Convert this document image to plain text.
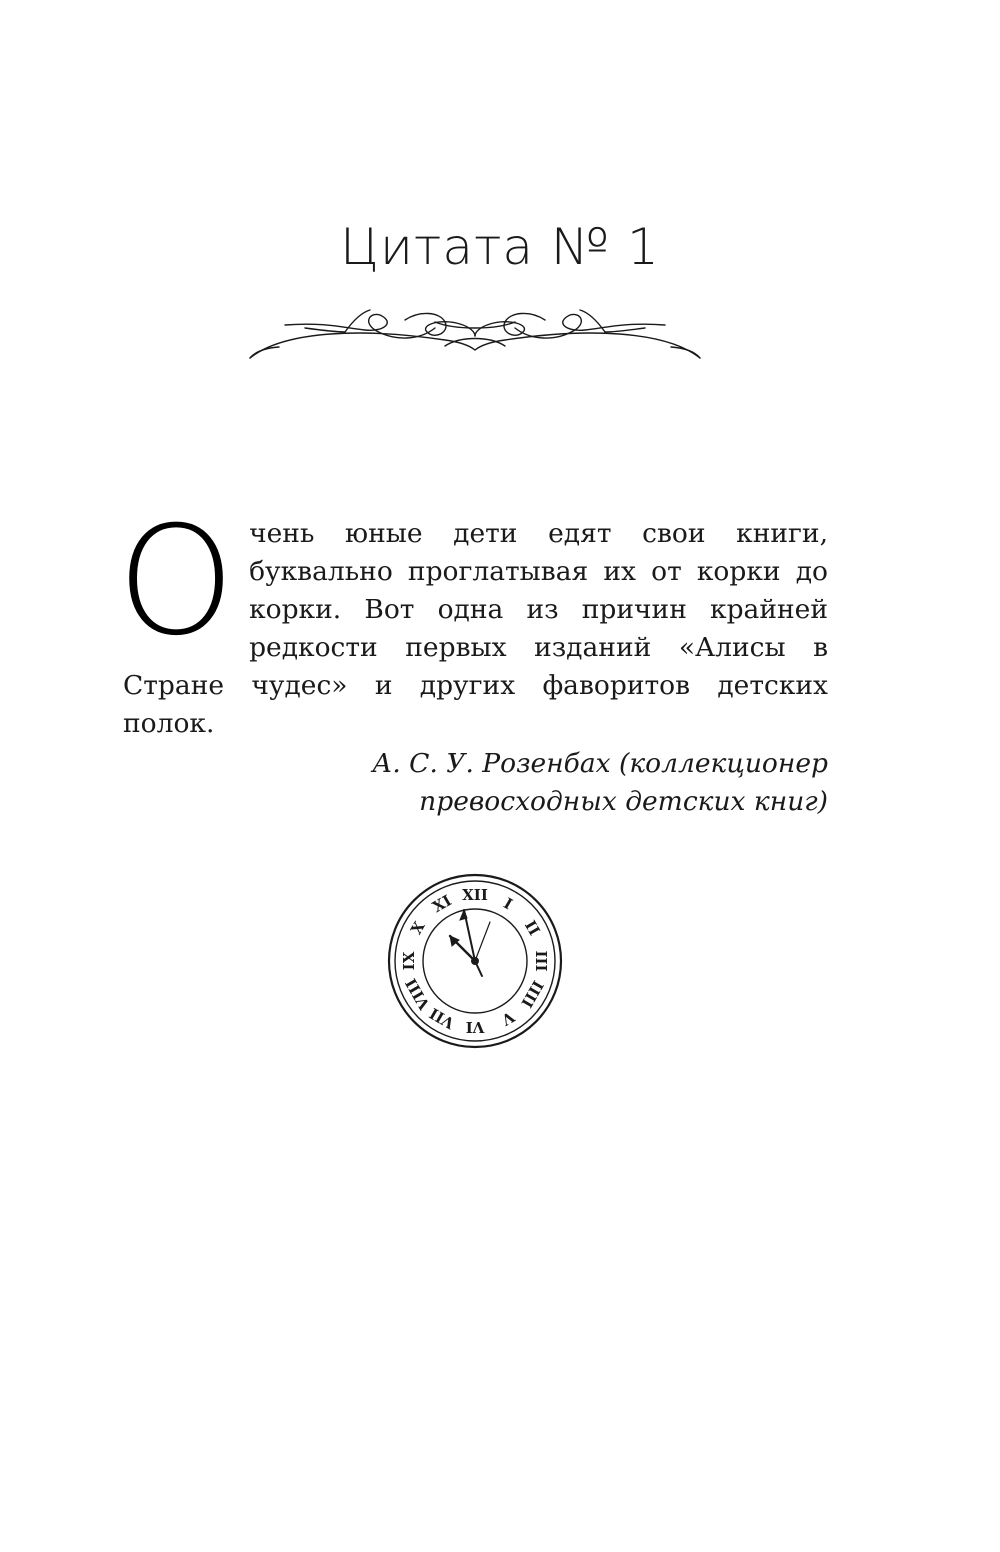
Цитата № 1
О чень юные дети едят свои книги, буквально проглатывая их от корки до корки. Вот одна из причин крайней редкости первых изданий «Алисы в Стране чудес» и других фаворитов детских полок.

А. С. У. Розенбах (коллекционер
превосходных детских книг)

XII I
II
III
IIII
V
VI
VII
VIII
IX
X
XI
